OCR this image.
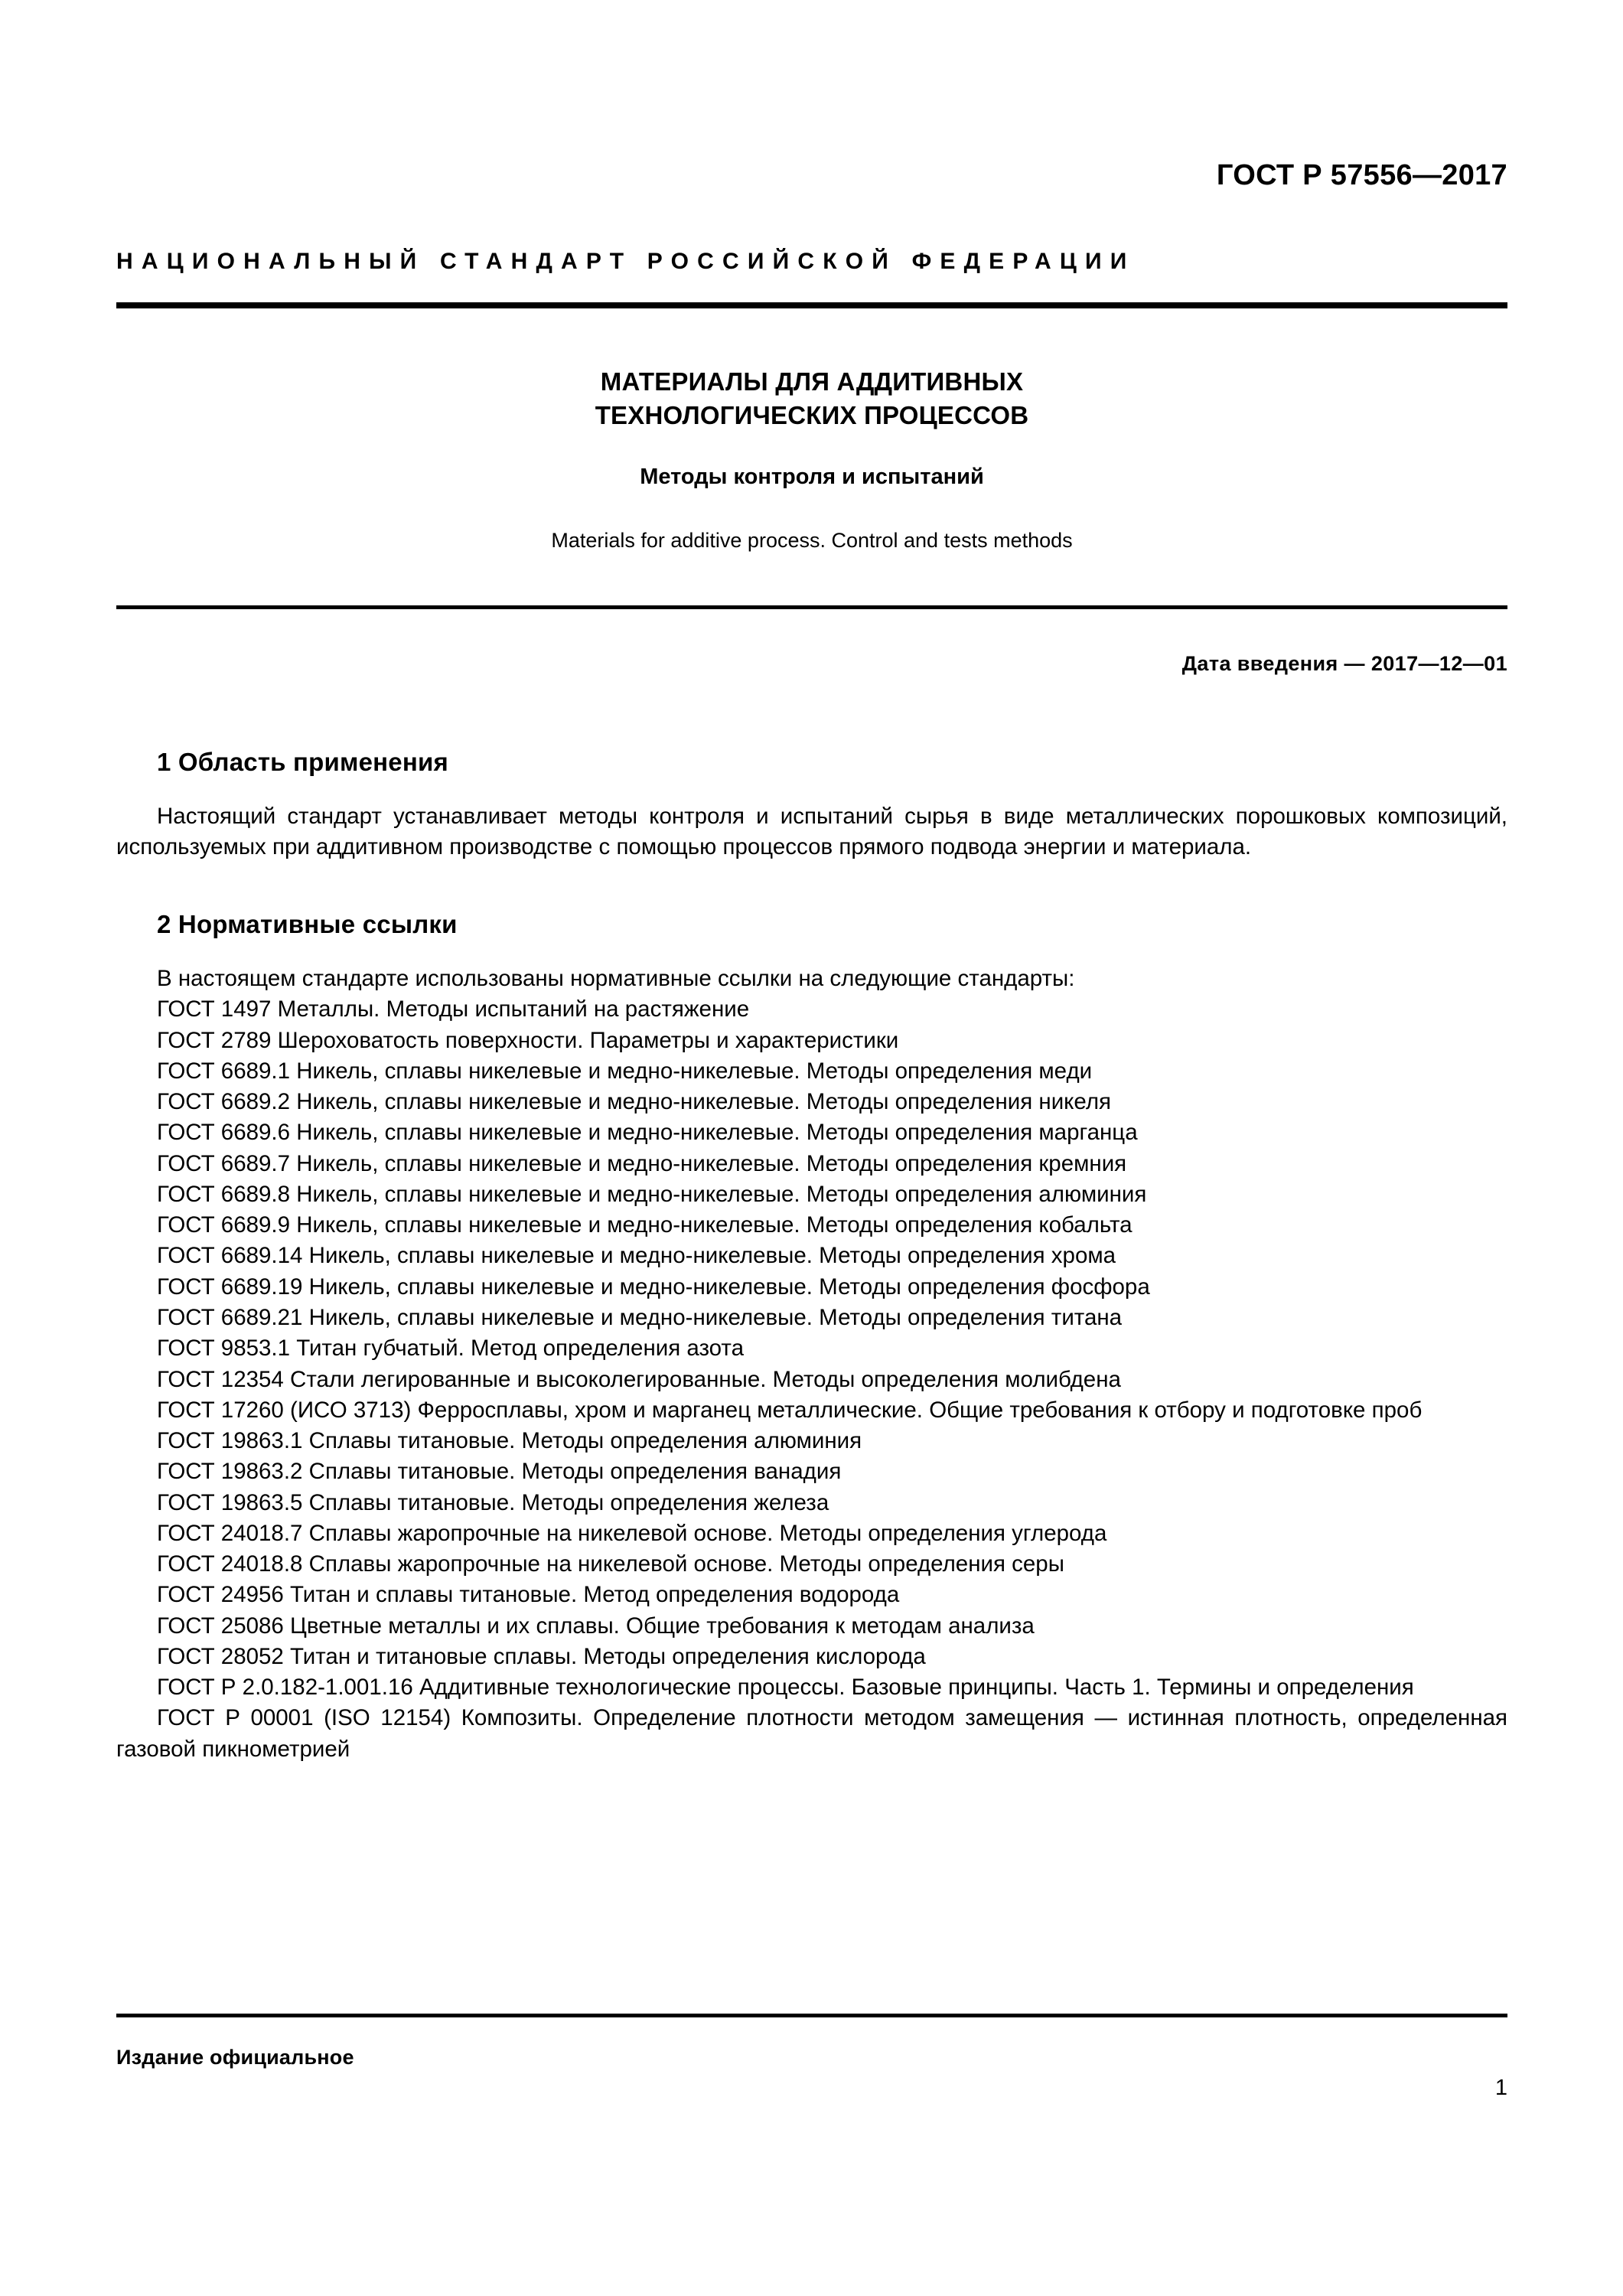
ГОСТ Р 57556—2017
НАЦИОНАЛЬНЫЙ СТАНДАРТ РОССИЙСКОЙ ФЕДЕРАЦИИ
МАТЕРИАЛЫ ДЛЯ АДДИТИВНЫХ
ТЕХНОЛОГИЧЕСКИХ ПРОЦЕССОВ
Методы контроля и испытаний
Materials for additive process. Control and tests methods
Дата введения — 2017—12—01
1 Область применения
Настоящий стандарт устанавливает методы контроля и испытаний сырья в виде металлических порошковых композиций, используемых при аддитивном производстве с помощью процессов прямого подвода энергии и материала.
2 Нормативные ссылки
В настоящем стандарте использованы нормативные ссылки на следующие стандарты:
ГОСТ 1497 Металлы. Методы испытаний на растяжение
ГОСТ 2789 Шероховатость поверхности. Параметры и характеристики
ГОСТ 6689.1 Никель, сплавы никелевые и медно-никелевые. Методы определения меди
ГОСТ 6689.2 Никель, сплавы никелевые и медно-никелевые. Методы определения никеля
ГОСТ 6689.6 Никель, сплавы никелевые и медно-никелевые. Методы определения марганца
ГОСТ 6689.7 Никель, сплавы никелевые и медно-никелевые. Методы определения кремния
ГОСТ 6689.8 Никель, сплавы никелевые и медно-никелевые. Методы определения алюминия
ГОСТ 6689.9 Никель, сплавы никелевые и медно-никелевые. Методы определения кобальта
ГОСТ 6689.14 Никель, сплавы никелевые и медно-никелевые. Методы определения хрома
ГОСТ 6689.19 Никель, сплавы никелевые и медно-никелевые. Методы определения фосфора
ГОСТ 6689.21 Никель, сплавы никелевые и медно-никелевые. Методы определения титана
ГОСТ 9853.1 Титан губчатый. Метод определения азота
ГОСТ 12354 Стали легированные и высоколегированные. Методы определения молибдена
ГОСТ 17260 (ИСО 3713) Ферросплавы, хром и марганец металлические. Общие требования к отбору и подготовке проб
ГОСТ 19863.1 Сплавы титановые. Методы определения алюминия
ГОСТ 19863.2 Сплавы титановые. Методы определения ванадия
ГОСТ 19863.5 Сплавы титановые. Методы определения железа
ГОСТ 24018.7 Сплавы жаропрочные на никелевой основе. Методы определения углерода
ГОСТ 24018.8 Сплавы жаропрочные на никелевой основе. Методы определения серы
ГОСТ 24956 Титан и сплавы титановые. Метод определения водорода
ГОСТ 25086 Цветные металлы и их сплавы. Общие требования к методам анализа
ГОСТ 28052 Титан и титановые сплавы. Методы определения кислорода
ГОСТ Р 2.0.182-1.001.16 Аддитивные технологические процессы. Базовые принципы. Часть 1. Термины и определения
ГОСТ Р 00001 (ISO 12154) Композиты. Определение плотности методом замещения — истинная плотность, определенная газовой пикнометрией
Издание официальное
1
